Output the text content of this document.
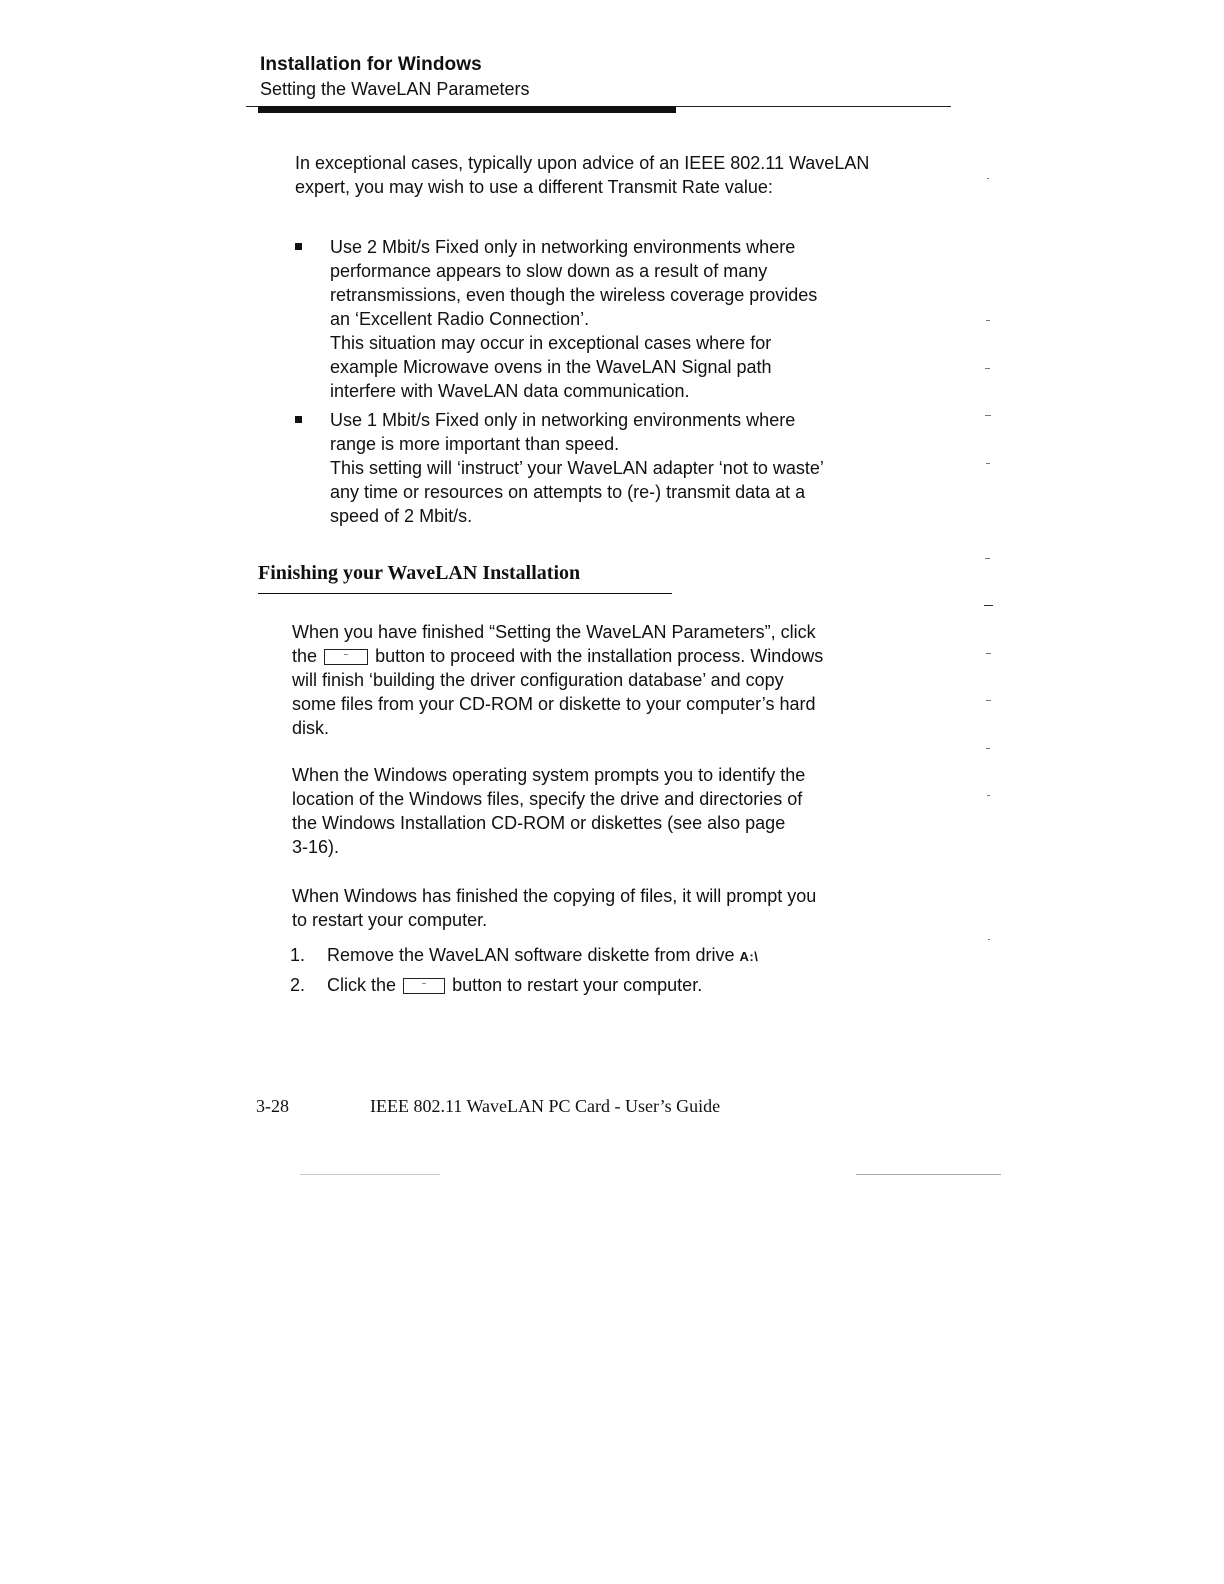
Installation for Windows
Setting the WaveLAN Parameters
In exceptional cases, typically upon advice of an IEEE 802.11 WaveLAN expert, you may wish to use a different Transmit Rate value:
Use 2 Mbit/s Fixed only in networking environments where
performance appears to slow down as a result of many
retransmissions, even though the wireless coverage provides
an ‘Excellent Radio Connection’.
This situation may occur in exceptional cases where for
example Microwave ovens in the WaveLAN Signal path
interfere with WaveLAN data communication.
Use 1 Mbit/s Fixed only in networking environments where
range is more important than speed.
This setting will ‘instruct’ your WaveLAN adapter ‘not to waste’
any time or resources on attempts to (re-) transmit data at a
speed of 2 Mbit/s.
Finishing your WaveLAN Installation
When you have finished “Setting the WaveLAN Parameters”, click
the	button to proceed with the installation process. Windows
will finish ‘building the driver configuration database’ and copy
some files from your CD-ROM or diskette to your computer’s hard
disk.
When the Windows operating system prompts you to identify the
location of the Windows files, specify the drive and directories of
the Windows Installation CD-ROM or diskettes (see also page
3-16).
When Windows has finished the copying of files, it will prompt you
to restart your computer.
1.	Remove the WaveLAN software diskette from drive A:\
2.	Click the	button to restart your computer.
3-28	IEEE 802.11 WaveLAN PC Card - User’s Guide
